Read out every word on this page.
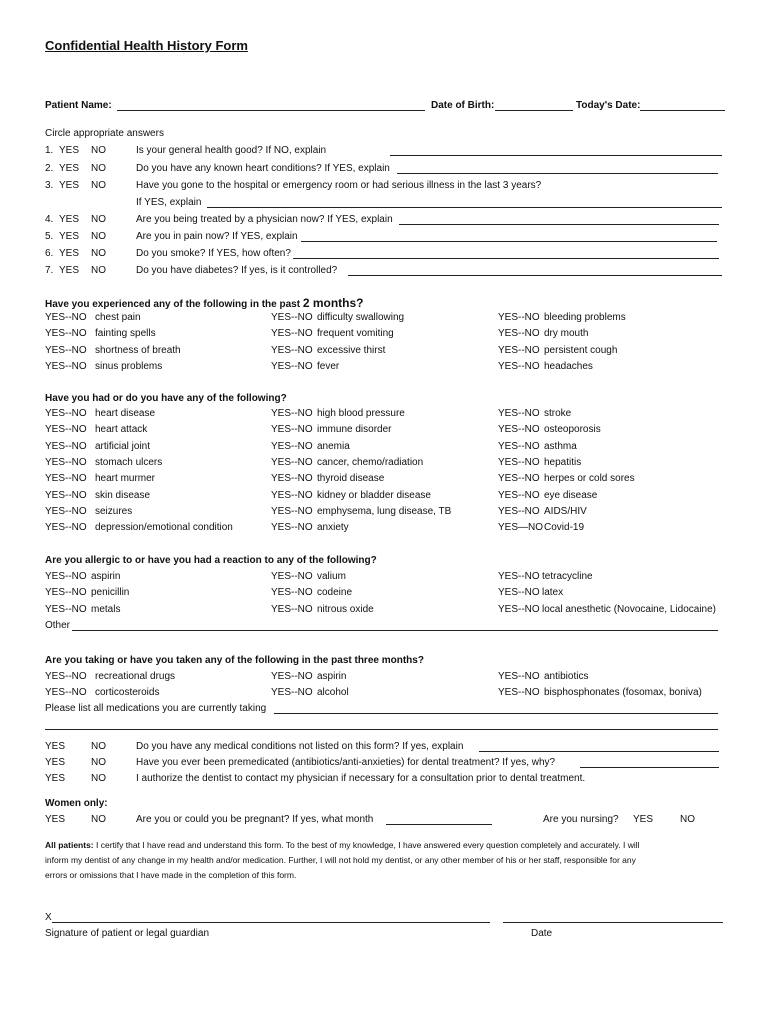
Confidential Health History Form
Patient Name:	Date of Birth:	Today's Date:
Circle appropriate answers
1. YES NO	Is your general health good? If NO, explain
2. YES NO	Do you have any known heart conditions? If YES, explain
3. YES NO	Have you gone to the hospital or emergency room or had serious illness in the last 3 years?
If YES, explain
4. YES NO	Are you being treated by a physician now? If YES, explain
5. YES NO	Are you in pain now? If YES, explain
6. YES NO	Do you smoke? If YES, how often?
7. YES NO	Do you have diabetes? If yes, is it controlled?
Have you experienced any of the following in the past 2 months?
YES--NO chest pain	YES--NO difficulty swallowing	YES--NO bleeding problems
YES--NO fainting spells	YES--NO frequent vomiting	YES--NO dry mouth
YES--NO shortness of breath	YES--NO excessive thirst	YES--NO persistent cough
YES--NO sinus problems	YES--NO fever	YES--NO headaches
Have you had or do you have any of the following?
YES--NO heart disease	YES--NO high blood pressure	YES--NO stroke
YES--NO heart attack	YES--NO immune disorder	YES--NO osteoporosis
YES--NO artificial joint	YES--NO anemia	YES--NO asthma
YES--NO stomach ulcers	YES--NO cancer, chemo/radiation	YES--NO hepatitis
YES--NO heart murmer	YES--NO thyroid disease	YES--NO herpes or cold sores
YES--NO skin disease	YES--NO kidney or bladder disease	YES--NO eye disease
YES--NO seizures	YES--NO emphysema, lung disease, TB	YES--NO AIDS/HIV
YES--NO depression/emotional condition	YES--NO anxiety	YES—NO Covid-19
Are you allergic to or have you had a reaction to any of the following?
YES--NO aspirin	YES--NO valium	YES--NO tetracycline
YES--NO penicillin	YES--NO codeine	YES--NO latex
YES--NO metals	YES--NO nitrous oxide	YES--NO local anesthetic (Novocaine, Lidocaine)
Other
Are you taking or have you taken any of the following in the past three months?
YES--NO recreational drugs	YES--NO aspirin	YES--NO antibiotics
YES--NO corticosteroids	YES--NO alcohol	YES--NO bisphosphonates (fosomax, boniva)
Please list all medications you are currently taking
YES	NO	Do you have any medical conditions not listed on this form? If yes, explain
YES	NO	Have you ever been premedicated (antibiotics/anti-anxieties) for dental treatment? If yes, why?
YES	NO	I authorize the dentist to contact my physician if necessary for a consultation prior to dental treatment.
Women only:
YES	NO	Are you or could you be pregnant? If yes, what month	Are you nursing? YES	NO
All patients: I certify that I have read and understand this form. To the best of my knowledge, I have answered every question completely and accurately. I will
inform my dentist of any change in my health and/or medication. Further, I will not hold my dentist, or any other member of his or her staff, responsible for any
errors or omissions that I have made in the completion of this form.
X
Signature of patient or legal guardian	Date
